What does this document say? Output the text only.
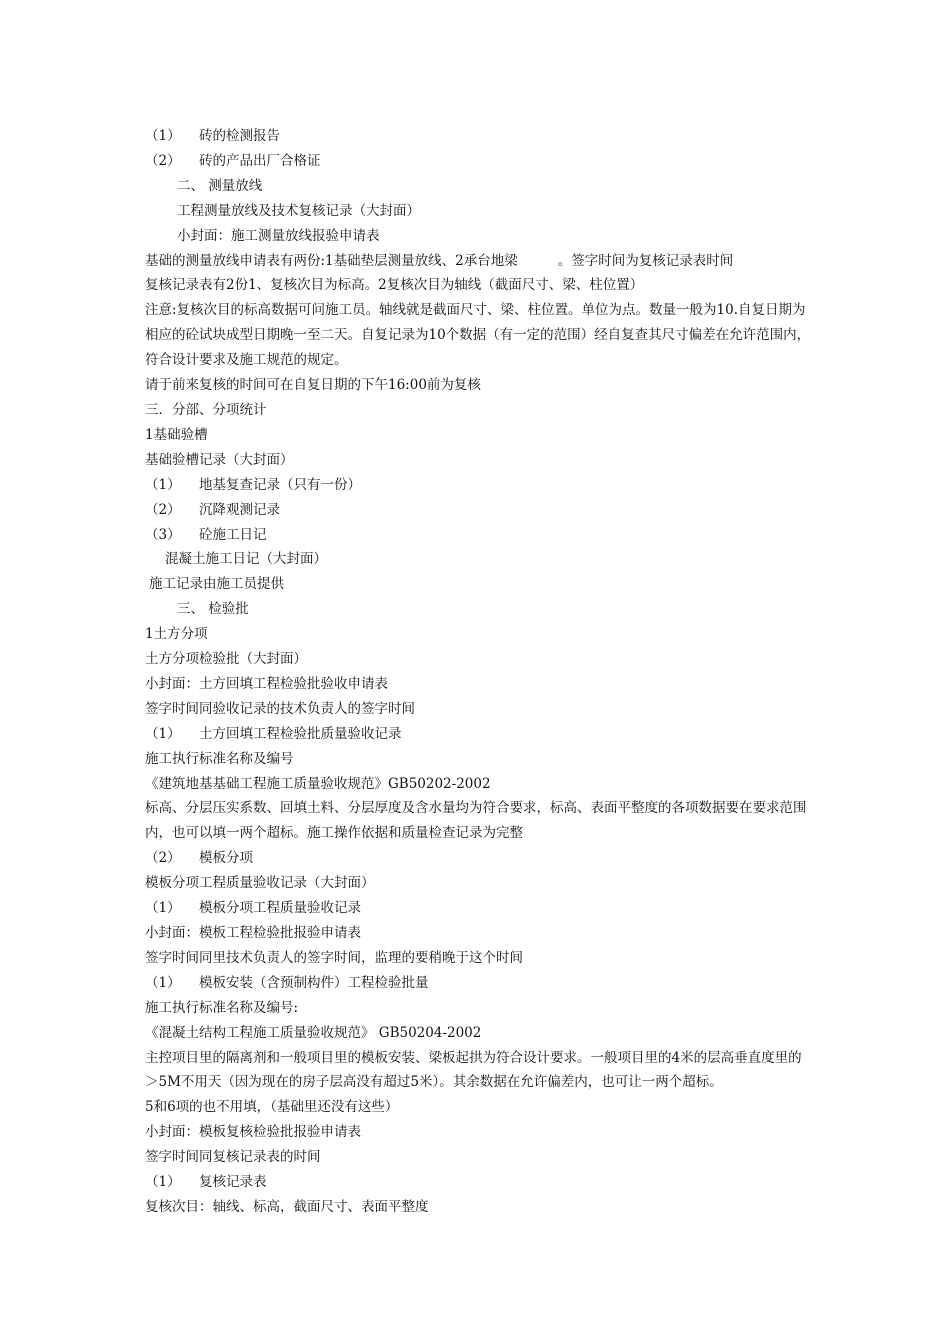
（1） 砖的检测报告
（2） 砖的产品出厂合格证
二、 测量放线
工程测量放线及技术复核记录（大封面）
小封面：施工测量放线报验申请表
基础的测量放线申请表有两份:1基础垫层测量放线、2承台地梁	。签字时间为复核记录表时间
复核记录表有2份1、复核次目为标高。2复核次目为轴线（截面尺寸、梁、柱位置）
注意:复核次目的标高数据可问施工员。轴线就是截面尺寸、梁、柱位置。单位为点。数量一般为10.自复日期为相应的砼试块成型日期晚一至二天。自复记录为10个数据（有一定的范围）经自复查其尺寸偏差在允许范围内，符合设计要求及施工规范的规定。
请于前来复核的时间可在自复日期的下午16:00前为复核
三．分部、分项统计
1基础验槽
基础验槽记录（大封面）
（1） 地基复查记录（只有一份）
（2） 沉降观测记录
（3） 砼施工日记
混凝土施工日记（大封面）
施工记录由施工员提供
三、 检验批
1土方分项
土方分项检验批（大封面）
小封面：土方回填工程检验批验收申请表
签字时间同验收记录的技术负责人的签字时间
（1） 土方回填工程检验批质量验收记录
施工执行标准名称及编号
《建筑地基基础工程施工质量验收规范》GB50202-2002
标高、分层压实系数、回填土料、分层厚度及含水量均为符合要求，标高、表面平整度的各项数据要在要求范围内，也可以填一两个超标。施工操作依据和质量检查记录为完整
（2） 模板分项
模板分项工程质量验收记录（大封面）
（1） 模板分项工程质量验收记录
小封面：模板工程检验批报验申请表
签字时间同里技术负责人的签字时间，监理的要稍晚于这个时间
（1） 模板安装（含预制构件）工程检验批量
施工执行标准名称及编号:
《混凝土结构工程施工质量验收规范》 GB50204-2002
主控项目里的隔离剂和一般项目里的模板安装、梁板起拱为符合设计要求。一般项目里的4米的层高垂直度里的＞5M不用天（因为现在的房子层高没有超过5米）。其余数据在允许偏差内，也可让一两个超标。
5和6项的也不用填，（基础里还没有这些）
小封面：模板复核检验批报验申请表
签字时间同复核记录表的时间
（1） 复核记录表
复核次目：轴线、标高，截面尺寸、表面平整度
